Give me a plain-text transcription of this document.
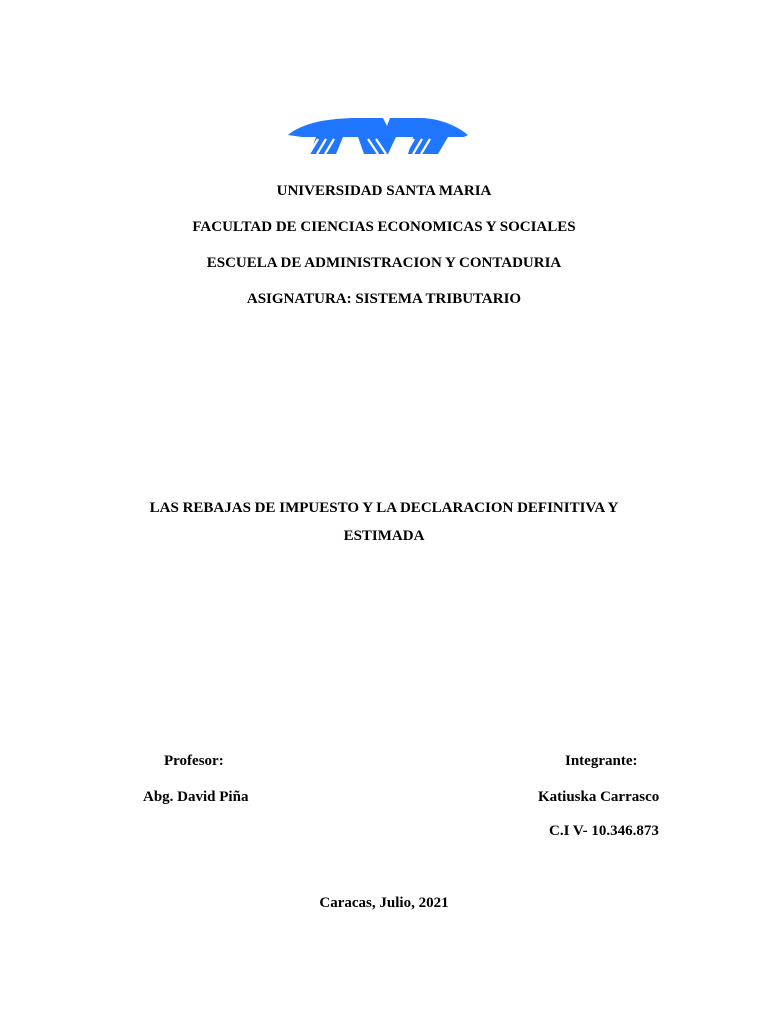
UNIVERSIDAD SANTA MARIA
FACULTAD DE CIENCIAS ECONOMICAS Y SOCIALES
ESCUELA DE ADMINISTRACION Y CONTADURIA
ASIGNATURA: SISTEMA TRIBUTARIO
LAS REBAJAS DE IMPUESTO Y LA DECLARACION DEFINITIVA Y
ESTIMADA
Profesor:
Abg. David Piña
Integrante:
Katiuska Carrasco
C.I V- 10.346.873
Caracas, Julio, 2021
